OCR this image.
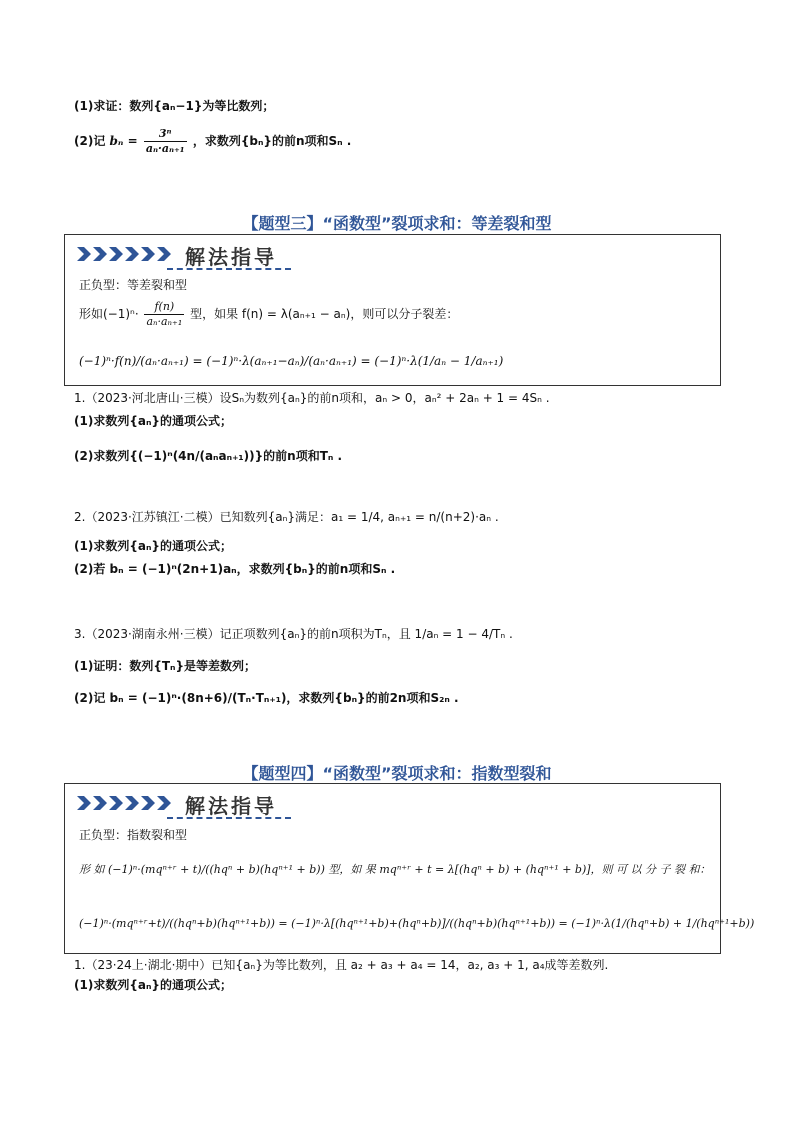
(1)求证：数列{aₙ−1}为等比数列；
(2)记 $b_n = \frac{\text{3ⁿ}}{\text{aₙ·aₙ₊₁}}$ ，求数列{bₙ}的前n项和Sₙ .
【题型三】“函数型”裂项求和：等差裂和型
解法指导
正负型：等差裂和型
形如$(-1)^n\cdot \frac{f(n)}{\text{aₙ·aₙ₊₁}}$ 型，如果 f(n) = λ(aₙ₊₁ − aₙ)，则可以分子裂差：
(−1)ⁿ·f(n)/(aₙ·aₙ₊₁) = (−1)ⁿ·λ(aₙ₊₁−aₙ)/(aₙ·aₙ₊₁) = (−1)ⁿ·λ(1/aₙ − 1/aₙ₊₁)
1.（2023·河北唐山·三模）设Sₙ为数列{aₙ}的前n项和，aₙ > 0，aₙ² + 2aₙ + 1 = 4Sₙ .
(1)求数列{aₙ}的通项公式；
(2)求数列{(−1)ⁿ(4n/(aₙaₙ₊₁))}的前n项和Tₙ .
2.（2023·江苏镇江·二模）已知数列{aₙ}满足：a₁ = 1/4, aₙ₊₁ = n/(n+2)·aₙ .
(1)求数列{aₙ}的通项公式；
(2)若 bₙ = (−1)ⁿ(2n+1)aₙ，求数列{bₙ}的前n项和Sₙ .
3.（2023·湖南永州·三模）记正项数列{aₙ}的前n项积为Tₙ，且 1/aₙ = 1 − 4/Tₙ .
(1)证明：数列{Tₙ}是等差数列；
(2)记 bₙ = (−1)ⁿ·(8n+6)/(Tₙ·Tₙ₊₁)，求数列{bₙ}的前2n项和S₂ₙ .
【题型四】“函数型”裂项求和：指数型裂和
解法指导
正负型：指数裂和型
形 如 (−1)ⁿ·(mqⁿ⁺ʳ + t)/((hqⁿ + b)(hqⁿ⁺¹ + b)) 型，如 果 mqⁿ⁺ʳ + t = λ[(hqⁿ + b) + (hqⁿ⁺¹ + b)]，则 可 以 分 子 裂 和：
(−1)ⁿ·(mqⁿ⁺ʳ+t)/((hqⁿ+b)(hqⁿ⁺¹+b)) = (−1)ⁿ·λ[(hqⁿ⁺¹+b)+(hqⁿ+b)]/((hqⁿ+b)(hqⁿ⁺¹+b)) = (−1)ⁿ·λ(1/(hqⁿ+b) + 1/(hqⁿ⁺¹+b))
1.（23·24上·湖北·期中）已知{aₙ}为等比数列，且 a₂ + a₃ + a₄ = 14，a₂, a₃ + 1, a₄成等差数列.
(1)求数列{aₙ}的通项公式；
